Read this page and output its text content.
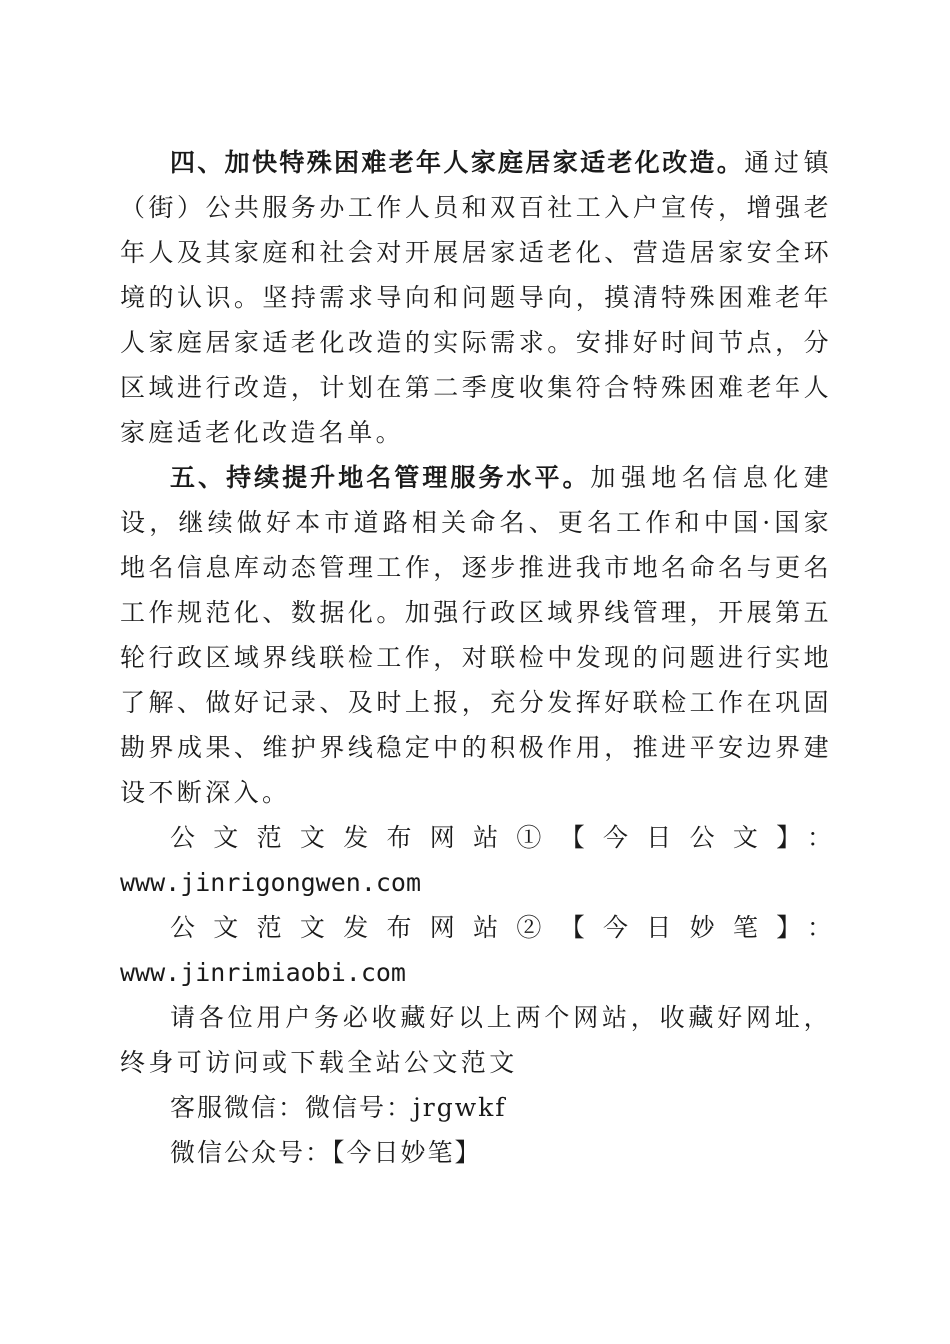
四、加快特殊困难老年人家庭居家适老化改造。通过镇（街）公共服务办工作人员和双百社工入户宣传，增强老年人及其家庭和社会对开展居家适老化、营造居家安全环境的认识。坚持需求导向和问题导向，摸清特殊困难老年人家庭居家适老化改造的实际需求。安排好时间节点，分区域进行改造，计划在第二季度收集符合特殊困难老年人家庭适老化改造名单。

五、持续提升地名管理服务水平。加强地名信息化建设，继续做好本市道路相关命名、更名工作和中国·国家地名信息库动态管理工作，逐步推进我市地名命名与更名工作规范化、数据化。加强行政区域界线管理，开展第五轮行政区域界线联检工作，对联检中发现的问题进行实地了解、做好记录、及时上报，充分发挥好联检工作在巩固勘界成果、维护界线稳定中的积极作用，推进平安边界建设不断深入。

公文范文发布网站①【今日公文】：

www.jinrigongwen.com

公文范文发布网站②【今日妙笔】：www.jinrimiaobi.com

请各位用户务必收藏好以上两个网站，收藏好网址，终身可访问或下载全站公文范文

客服微信：微信号：jrgwkf

微信公众号：【今日妙笔】
